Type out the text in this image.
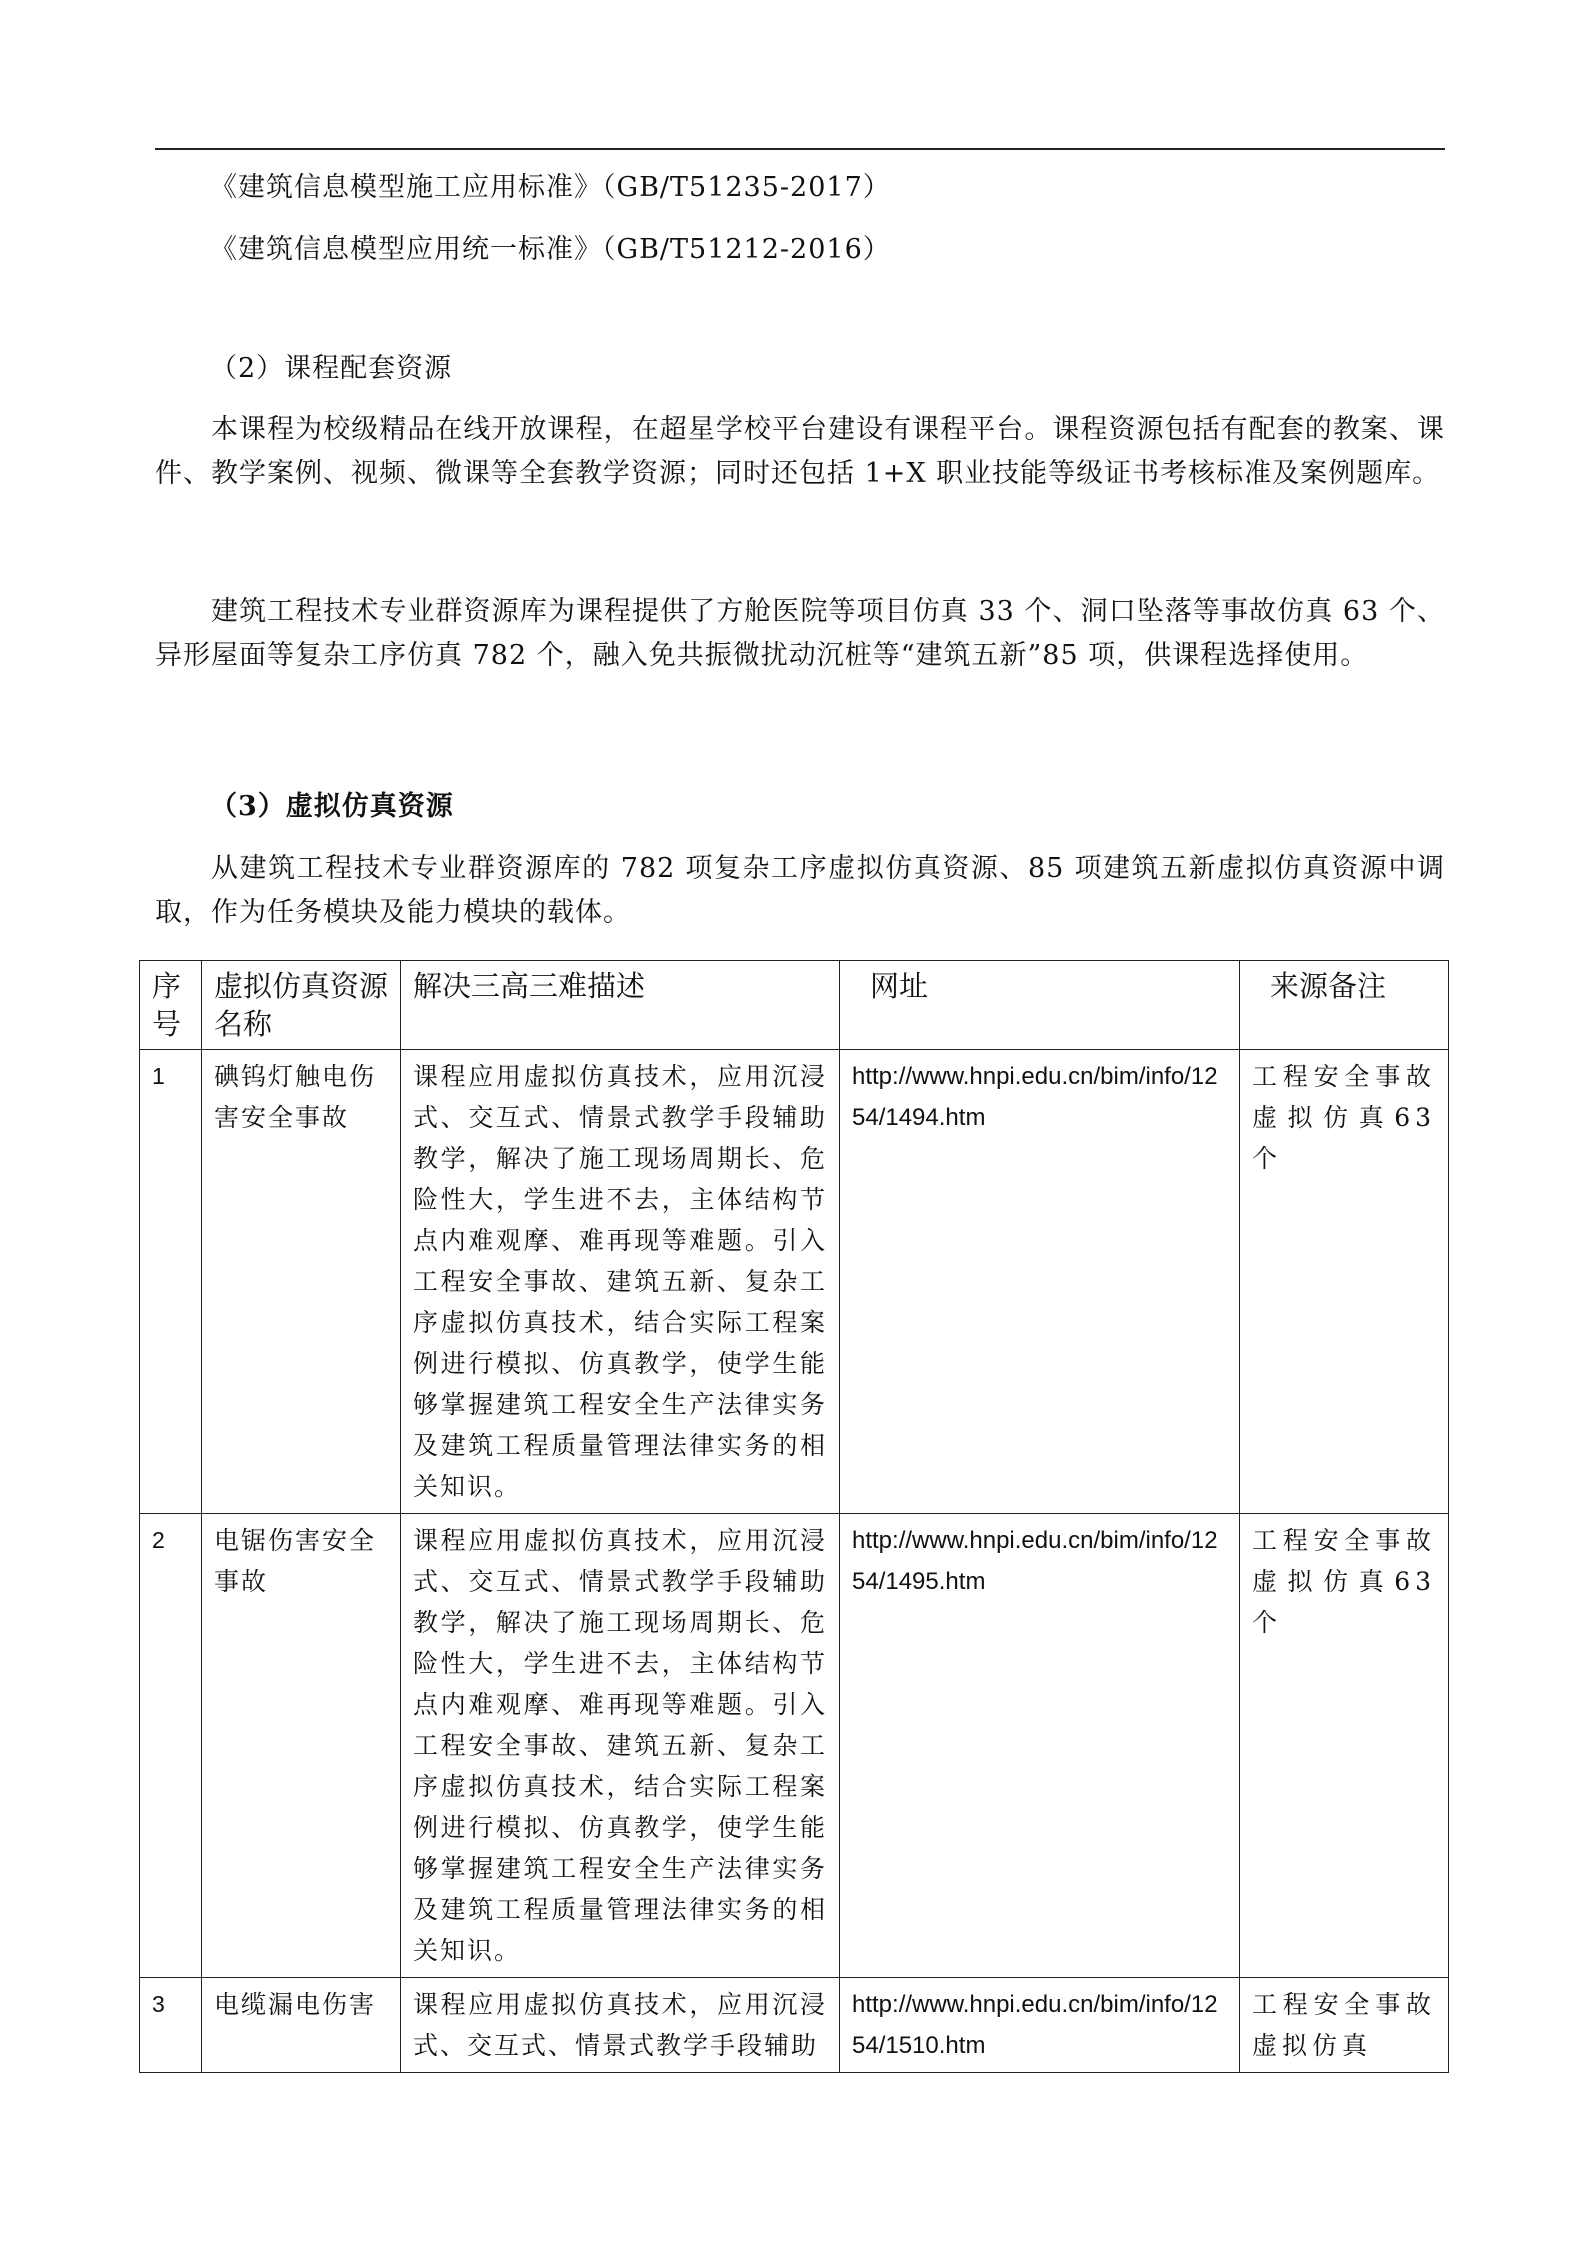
《建筑信息模型施工应用标准》（GB/T51235-2017）
《建筑信息模型应用统一标准》（GB/T51212-2016）
（2）课程配套资源
本课程为校级精品在线开放课程，在超星学校平台建设有课程平台。课程资源包括有配套的教案、课件、教学案例、视频、微课等全套教学资源；同时还包括 1+X 职业技能等级证书考核标准及案例题库。
建筑工程技术专业群资源库为课程提供了方舱医院等项目仿真 33 个、洞口坠落等事故仿真 63 个、异形屋面等复杂工序仿真 782 个，融入免共振微扰动沉桩等“建筑五新”85 项，供课程选择使用。
（3）虚拟仿真资源
从建筑工程技术专业群资源库的 782 项复杂工序虚拟仿真资源、85 项建筑五新虚拟仿真资源中调取，作为任务模块及能力模块的载体。
序号	虚拟仿真资源名称	解决三高三难描述	网址	来源备注
1	碘钨灯触电伤害安全事故	课程应用虚拟仿真技术，应用沉浸式、交互式、情景式教学手段辅助教学，解决了施工现场周期长、危险性大，学生进不去，主体结构节点内难观摩、难再现等难题。引入工程安全事故、建筑五新、复杂工序虚拟仿真技术，结合实际工程案例进行模拟、仿真教学，使学生能够掌握建筑工程安全生产法律实务及建筑工程质量管理法律实务的相关知识。	http://www.hnpi.edu.cn/bim/info/1254/1494.htm	工程安全事故虚拟仿真63个
2	电锯伤害安全事故	课程应用虚拟仿真技术，应用沉浸式、交互式、情景式教学手段辅助教学，解决了施工现场周期长、危险性大，学生进不去，主体结构节点内难观摩、难再现等难题。引入工程安全事故、建筑五新、复杂工序虚拟仿真技术，结合实际工程案例进行模拟、仿真教学，使学生能够掌握建筑工程安全生产法律实务及建筑工程质量管理法律实务的相关知识。	http://www.hnpi.edu.cn/bim/info/1254/1495.htm	工程安全事故虚拟仿真63个
3	电缆漏电伤害	课程应用虚拟仿真技术，应用沉浸式、交互式、情景式教学手段辅助	http://www.hnpi.edu.cn/bim/info/1254/1510.htm	工程安全事故虚拟仿真
